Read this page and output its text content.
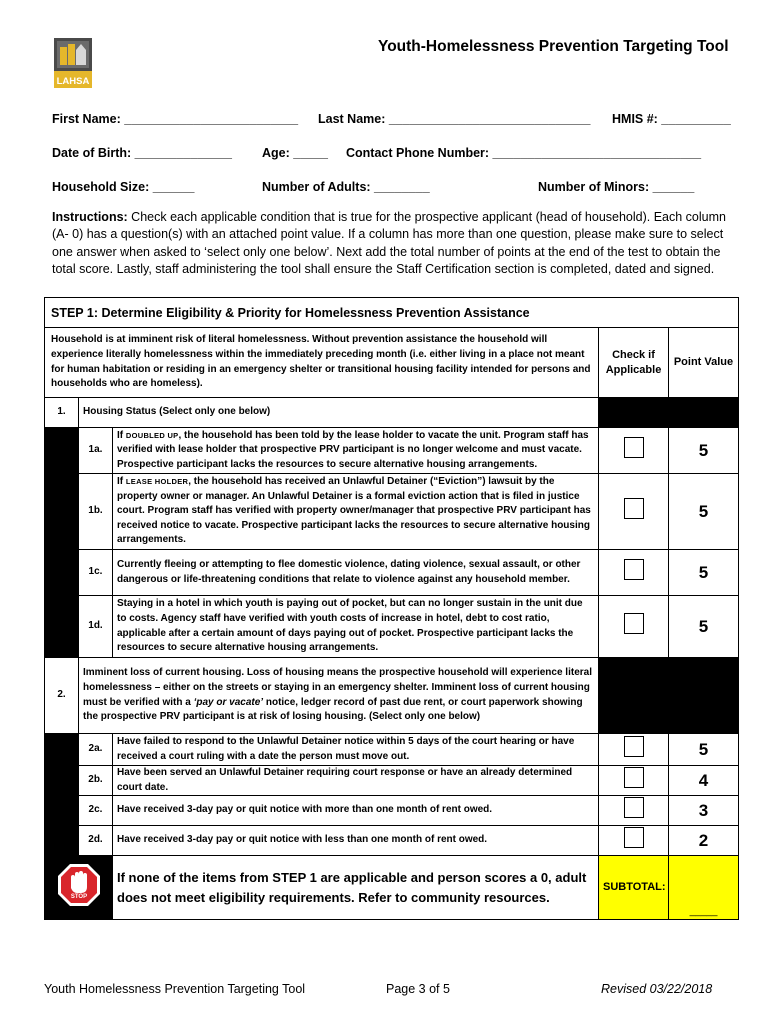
LAHSA
Youth-Homelessness Prevention Targeting Tool
First Name: _________________________ Last Name: _____________________________ HMIS #: __________
Date of Birth: ______________ Age: _____ Contact Phone Number: ______________________________
Household Size: ______	Number of Adults: ________	Number of Minors: ______
Instructions: Check each applicable condition that is true for the prospective applicant (head of household). Each column (A- 0) has a question(s) with an attached point value. If a column has more than one question, please make sure to select one answer when asked to ‘select only one below’. Next add the total number of points at the end of the test to obtain the total score. Lastly, staff administering the tool shall ensure the Staff Certification section is completed, dated and signed.
STEP 1: Determine Eligibility & Priority for Homelessness Prevention Assistance				
Household is at imminent risk of literal homelessness. Without prevention assistance the household will experience literally homelessness within the immediately preceding month (i.e. either living in a place not meant for human habitation or residing in an emergency shelter or transitional housing facility intended for persons and households who are homeless).			Check if Applicable	Point Value
1.	Housing Status (Select only one below)			
	1a.	If DOUBLED UP, the household has been told by the lease holder to vacate the unit. Program staff has verified with lease holder that prospective PRV participant is no longer welcome and must vacate. Prospective participant lacks the resources to secure alternative housing arrangements.		5
	1b.	If LEASE HOLDER, the household has received an Unlawful Detainer (“Eviction”) lawsuit by the property owner or manager. An Unlawful Detainer is a formal eviction action that is filed in justice court. Program staff has verified with property owner/manager that prospective PRV participant has received notice to vacate. Prospective participant lacks the resources to secure alternative housing arrangements.		5
	1c.	Currently fleeing or attempting to flee domestic violence, dating violence, sexual assault, or other dangerous or life-threatening conditions that relate to violence against any household member.		5
	1d.	Staying in a hotel in which youth is paying out of pocket, but can no longer sustain in the unit due to costs. Agency staff have verified with youth costs of increase in hotel, debt to cost ratio, applicable after a certain amount of days paying out of pocket. Prospective participant lacks the resources to secure alternative housing arrangements.		5
2.	Imminent loss of current housing. Loss of housing means the prospective household will experience literal homelessness – either on the streets or staying in an emergency shelter. Imminent loss of current housing must be verified with a ‘pay or vacate’ notice, ledger record of past due rent, or court paperwork showing the prospective PRV participant is at risk of losing housing. (Select only one below)			
	2a.	Have failed to respond to the Unlawful Detainer notice within 5 days of the court hearing or have received a court ruling with a date the person must move out.		5
	2b.	Have been served an Unlawful Detainer requiring court response or have an already determined court date.		4
	2c.	Have received 3-day pay or quit notice with more than one month of rent owed.		3
	2d.	Have received 3-day pay or quit notice with less than one month of rent owed.		2

STOP		If none of the items from STEP 1 are applicable and person scores a 0, adult does not meet eligibility requirements. Refer to community resources.	SUBTOTAL:	_____
Youth Homelessness Prevention Targeting Tool	Page 3 of 5	Revised 03/22/2018
